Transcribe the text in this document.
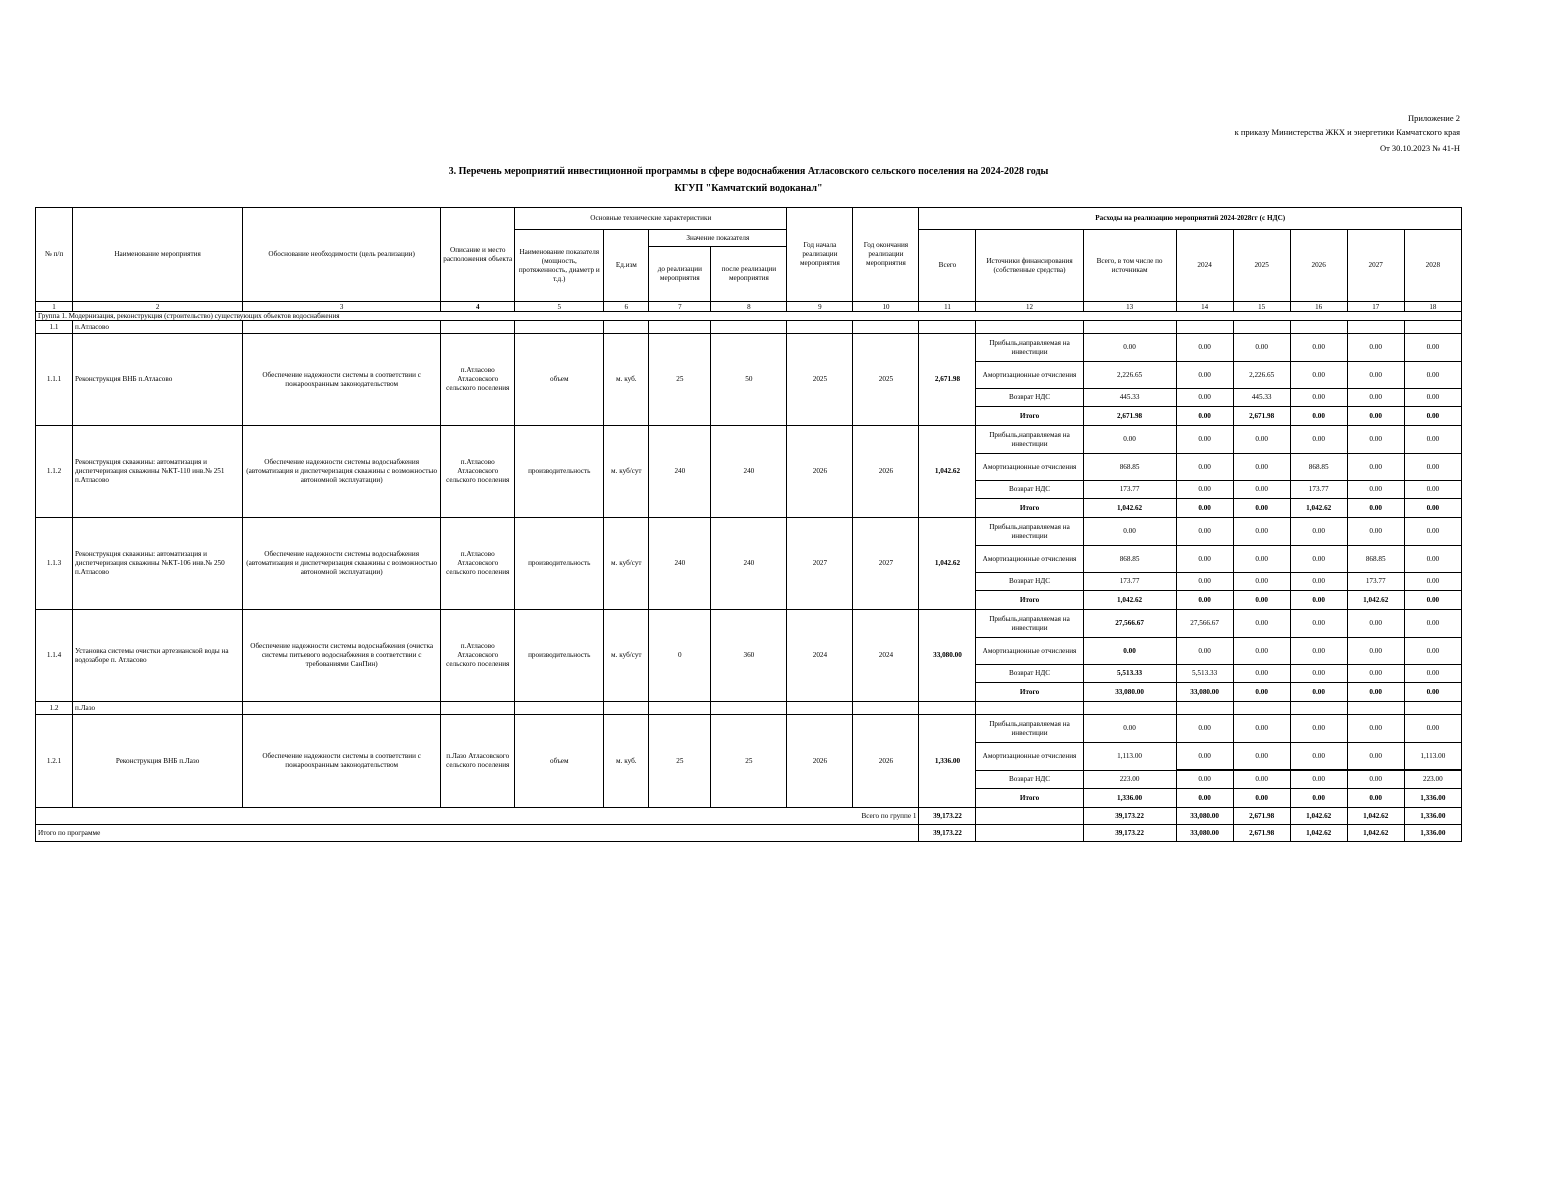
Приложение 2
к приказу Министерства ЖКХ и энергетики Камчатского края
От 30.10.2023 № 41-Н
3. Перечень мероприятий инвестиционной программы в сфере водоснабжения Атласовского сельского поселения на 2024-2028 годы
КГУП "Камчатский водоканал"
№ п/п	Наименование мероприятия	Обоснование необходимости (цель реализации)	Описание и место расположения объекта	Основные технические характеристики				Год начала реализации мероприятия	Год окончания реализации мероприятия	Расходы на реализацию мероприятий 2024-2028гг (с НДС)							
				Наименование показателя (мощность, протяженность, диаметр и т.д.)	Ед.изм	Значение показателя				Всего	Источники финансирования (собственные средства)	Всего, в том числе по источникам	2024	2025	2026	2027	2028
						до реализации мероприятия	после реализации мероприятия										
1	2	3	4	5	6	7	8	9	10	11	12	13	14	15	16	17	18
Группа 1. Модернизация, реконструкция (строительство) существующих объектов водоснабжения																	
1.1	п.Атласово																
1.1.1	Реконструкция ВНБ п.Атласово	Обеспечение надежности системы в соответствии с пожароохранным законодательством	п.Атласово Атласовского сельского поселения	объем	м. куб.	25	50	2025	2025	2,671.98	Прибыль,направляемая на инвестиции	0.00	0.00	0.00	0.00	0.00	0.00
											Амортизационные отчисления	2,226.65	0.00	2,226.65	0.00	0.00	0.00
											Возврат НДС	445.33	0.00	445.33	0.00	0.00	0.00
											Итого	2,671.98	0.00	2,671.98	0.00	0.00	0.00
1.1.2	Реконструкция скважины: автоматизация и диспетчеризация скважины №КТ-110 инв.№ 251 п.Атласово	Обеспечение надежности системы водоснабжения (автоматизация и диспетчеризация скважины с возможностью автономной эксплуатации)	п.Атласово Атласовского сельского поселения	производительность	м. куб/сут	240	240	2026	2026	1,042.62	Прибыль,направляемая на инвестиции	0.00	0.00	0.00	0.00	0.00	0.00
											Амортизационные отчисления	868.85	0.00	0.00	868.85	0.00	0.00
											Возврат НДС	173.77	0.00	0.00	173.77	0.00	0.00
											Итого	1,042.62	0.00	0.00	1,042.62	0.00	0.00
1.1.3	Реконструкция скважины: автоматизация и диспетчеризация скважины №КТ-106 инв.№ 250 п.Атласово	Обеспечение надежности системы водоснабжения (автоматизация и диспетчеризация скважины с возможностью автономной эксплуатации)	п.Атласово Атласовского сельского поселения	производительность	м. куб/сут	240	240	2027	2027	1,042.62	Прибыль,направляемая на инвестиции	0.00	0.00	0.00	0.00	0.00	0.00
											Амортизационные отчисления	868.85	0.00	0.00	0.00	868.85	0.00
											Возврат НДС	173.77	0.00	0.00	0.00	173.77	0.00
											Итого	1,042.62	0.00	0.00	0.00	1,042.62	0.00
1.1.4	Установка системы очистки артезианской воды на водозаборе п. Атласово	Обеспечение надежности системы водоснабжения (очистка системы питьевого водоснабжения в соответствии с требованиями СанПин)	п.Атласово Атласовского сельского поселения	производительность	м. куб/сут	0	360	2024	2024	33,080.00	Прибыль,направляемая на инвестиции	27,566.67	27,566.67	0.00	0.00	0.00	0.00
											Амортизационные отчисления	0.00	0.00	0.00	0.00	0.00	0.00
											Возврат НДС	5,513.33	5,513.33	0.00	0.00	0.00	0.00
											Итого	33,080.00	33,080.00	0.00	0.00	0.00	0.00
1.2	п.Лазо																
1.2.1	Реконструкция ВНБ п.Лазо	Обеспечение надежности системы в соответствии с пожароохранным законодательством	п.Лазо Атласовского сельского поселения	объем	м. куб.	25	25	2026	2026	1,336.00	Прибыль,направляемая на инвестиции	0.00	0.00	0.00	0.00	0.00	0.00
											Амортизационные отчисления	1,113.00	0.00	0.00	0.00	0.00	1,113.00
											Возврат НДС	223.00	0.00	0.00	0.00	0.00	223.00
											Итого	1,336.00	0.00	0.00	0.00	0.00	1,336.00
Всего по группе 1										39,173.22		39,173.22	33,080.00	2,671.98	1,042.62	1,042.62	1,336.00
Итого по программе										39,173.22		39,173.22	33,080.00	2,671.98	1,042.62	1,042.62	1,336.00
